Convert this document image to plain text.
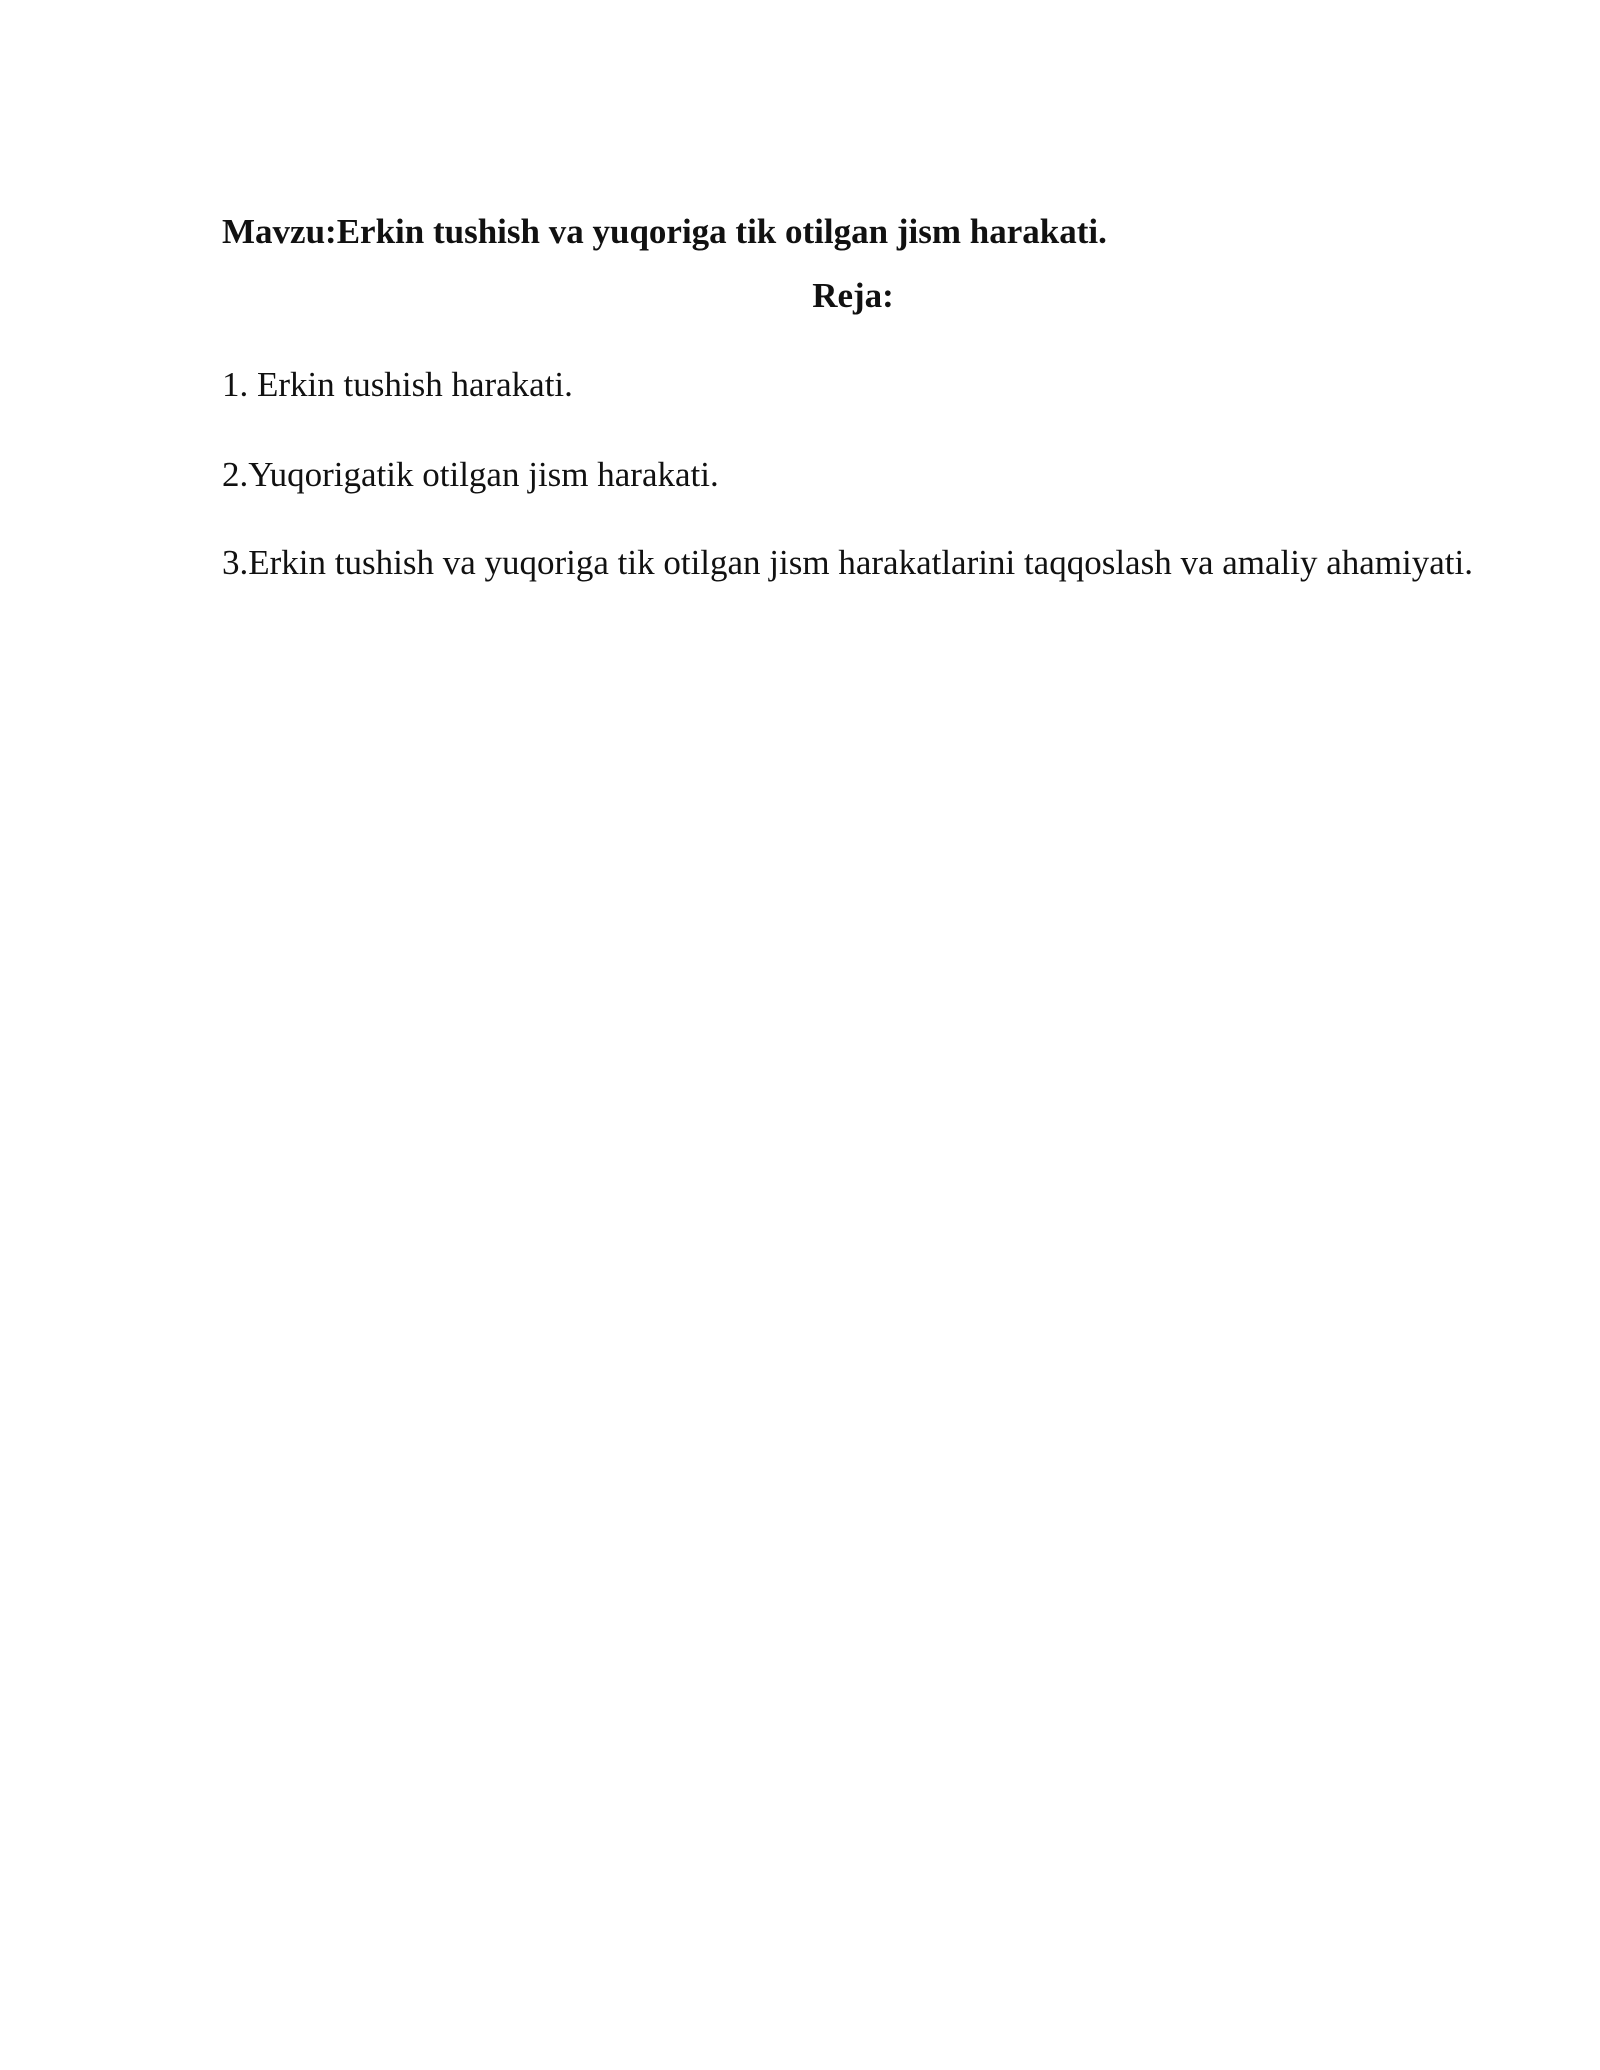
Mavzu:Erkin tushish va yuqoriga tik otilgan jism harakati.

Reja:

1. Erkin tushish harakati.

2.Yuqorigatik otilgan jism harakati.

3.Erkin tushish va yuqoriga tik otilgan jism harakatlarini taqqoslash va amaliy ahamiyati.
